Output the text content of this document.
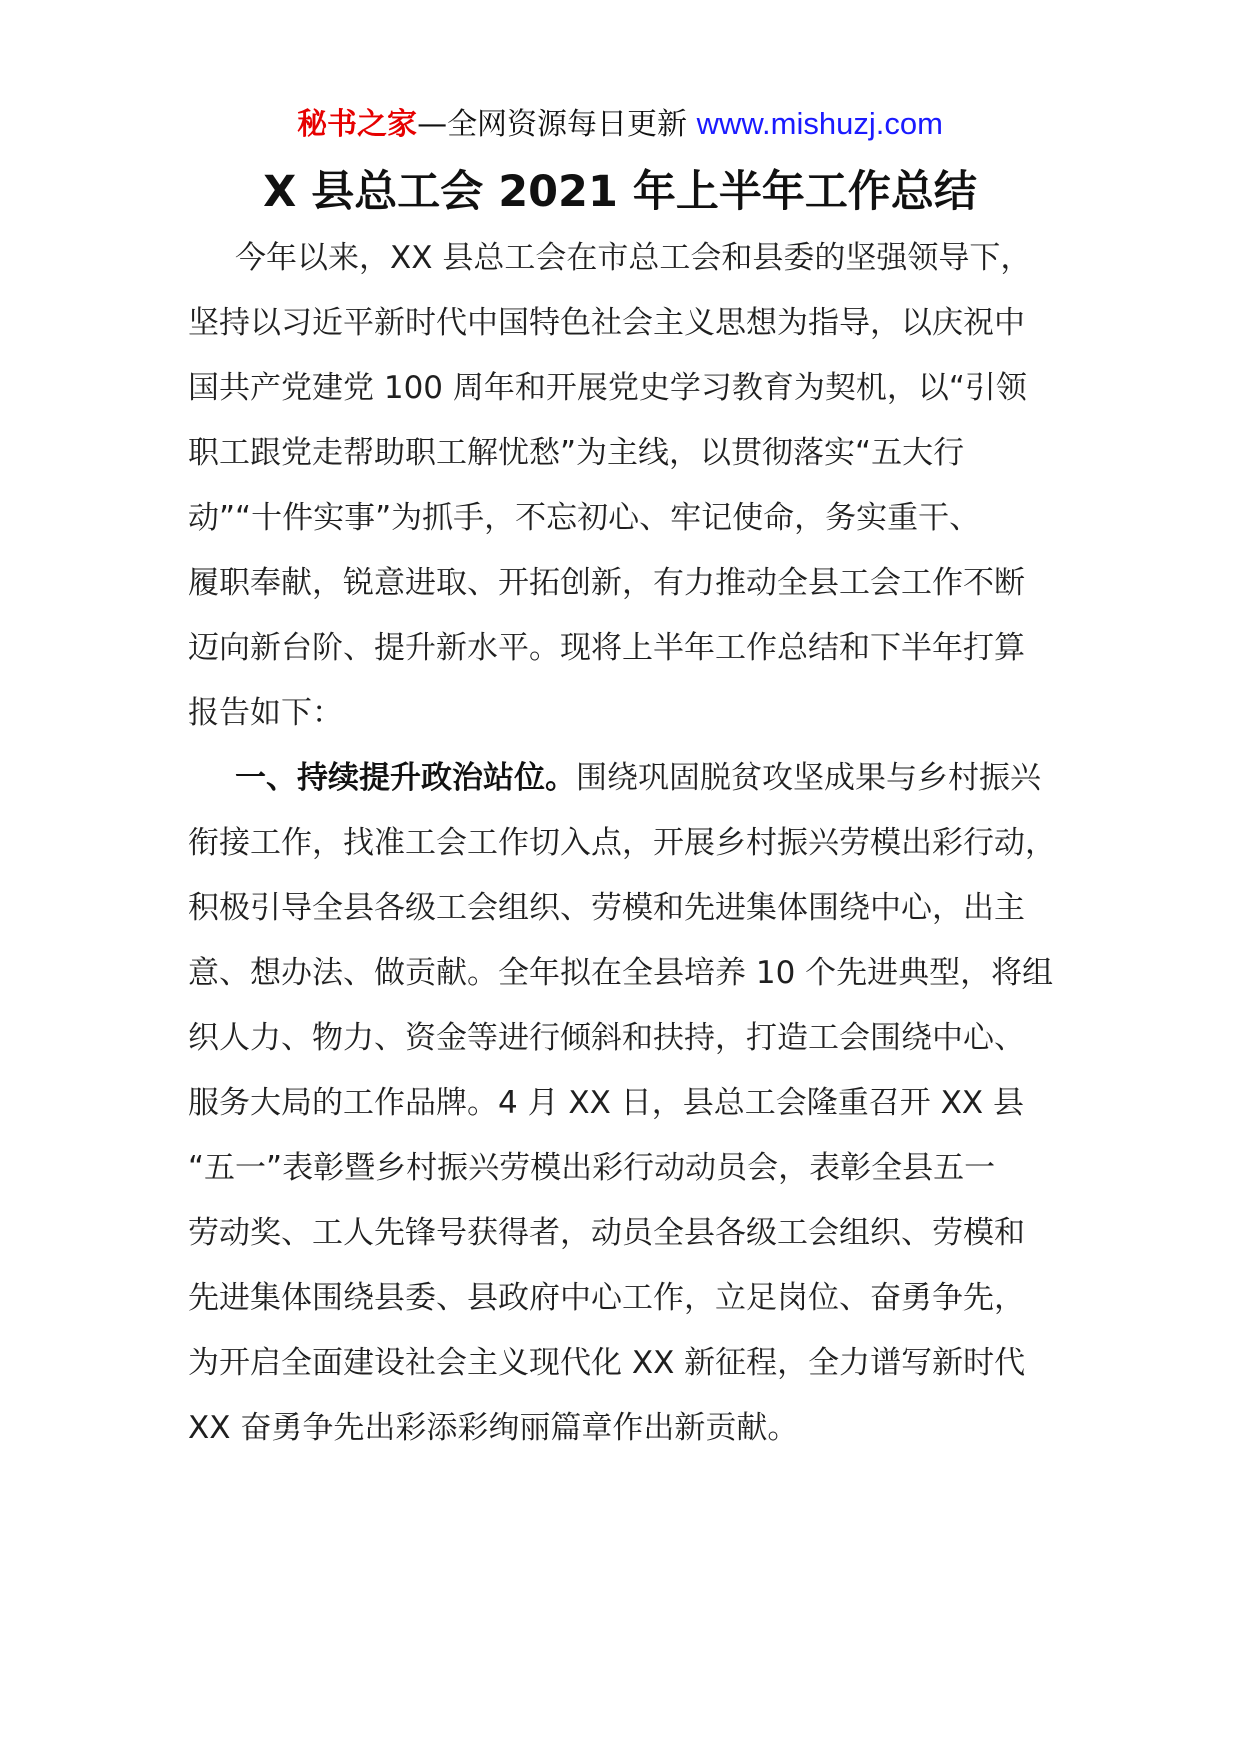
秘书之家—全网资源每日更新 www.mishuzj.com
X 县总工会 2021 年上半年工作总结
今年以来，XX 县总工会在市总工会和县委的坚强领导下，
坚持以习近平新时代中国特色社会主义思想为指导，以庆祝中
国共产党建党 100 周年和开展党史学习教育为契机，以“引领
职工跟党走帮助职工解忧愁”为主线，以贯彻落实“五大行
动”“十件实事”为抓手，不忘初心、牢记使命，务实重干、
履职奉献，锐意进取、开拓创新，有力推动全县工会工作不断
迈向新台阶、提升新水平。现将上半年工作总结和下半年打算
报告如下：
一、持续提升政治站位。围绕巩固脱贫攻坚成果与乡村振兴
衔接工作，找准工会工作切入点，开展乡村振兴劳模出彩行动，
积极引导全县各级工会组织、劳模和先进集体围绕中心，出主
意、想办法、做贡献。全年拟在全县培养 10 个先进典型，将组
织人力、物力、资金等进行倾斜和扶持，打造工会围绕中心、
服务大局的工作品牌。4 月 XX 日，县总工会隆重召开 XX 县
“五一”表彰暨乡村振兴劳模出彩行动动员会，表彰全县五一
劳动奖、工人先锋号获得者，动员全县各级工会组织、劳模和
先进集体围绕县委、县政府中心工作，立足岗位、奋勇争先，
为开启全面建设社会主义现代化 XX 新征程，全力谱写新时代
XX 奋勇争先出彩添彩绚丽篇章作出新贡献。
